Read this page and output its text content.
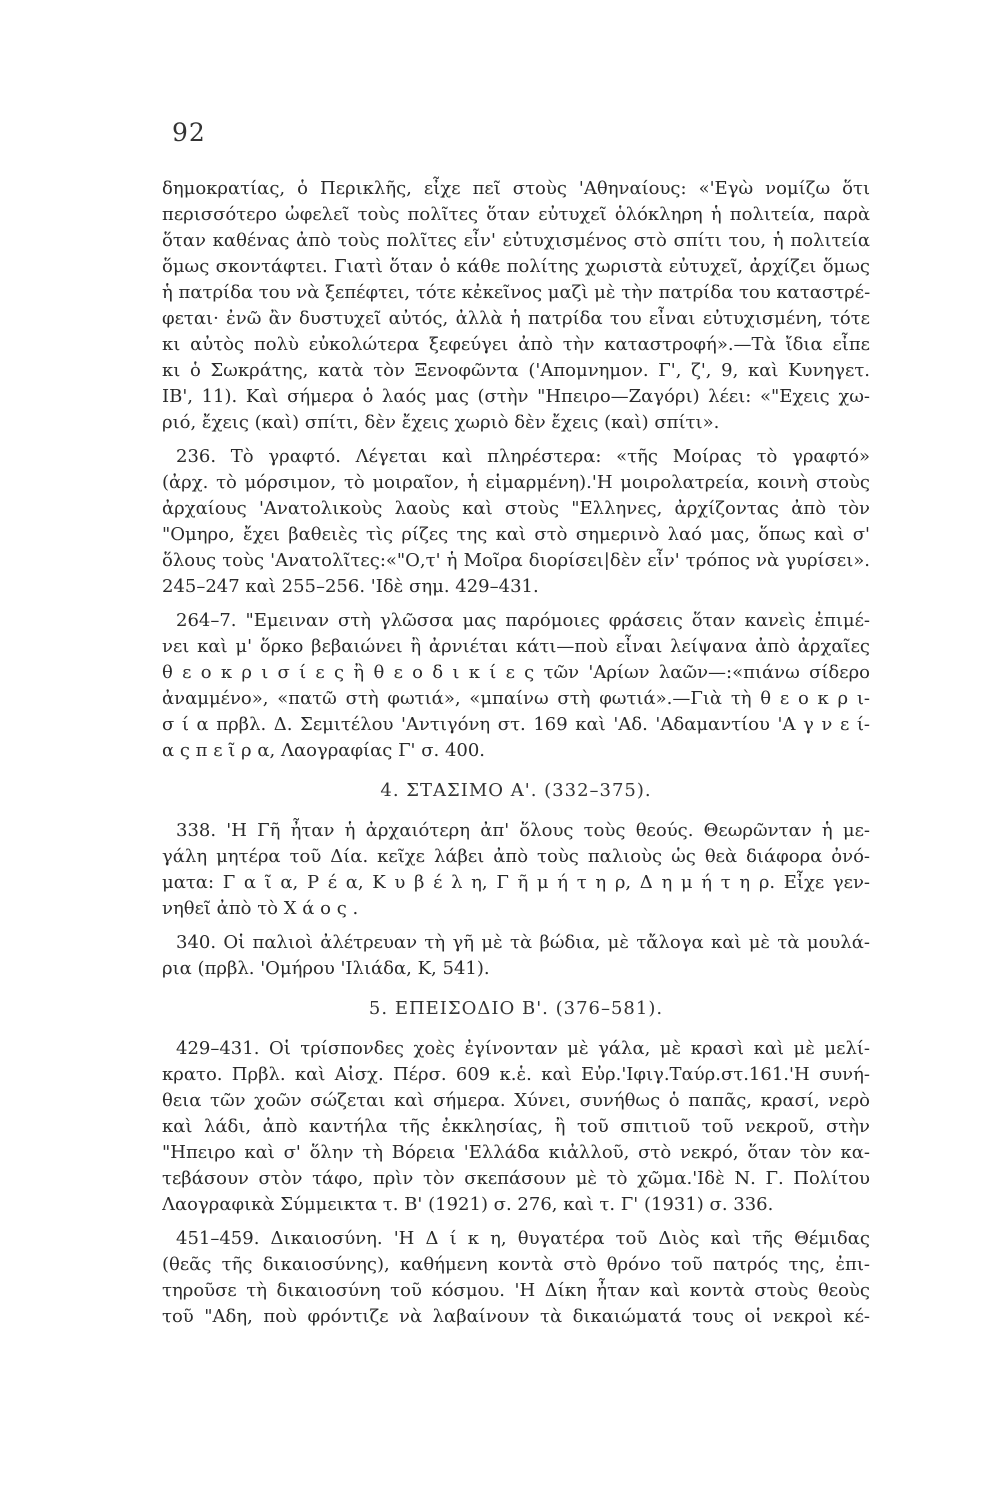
92
δημοκρατίας, ὁ Περικλῆς, εἶχε πεῖ στοὺς 'Αθηναίους: «'Εγὼ νομίζω ὅτι
περισσότερο ὠφελεῖ τοὺς πολῖτες ὅταν εὐτυχεῖ ὁλόκληρη ἡ πολιτεία, παρὰ
ὅταν καθένας ἀπὸ τοὺς πολῖτες εἶν' εὐτυχισμένος στὸ σπίτι του, ἡ πολιτεία
ὅμως σκοντάφτει. Γιατὶ ὅταν ὁ κάθε πολίτης χωριστὰ εὐτυχεῖ, ἀρχίζει ὅμως
ἡ πατρίδα του νὰ ξεπέφτει, τότε κἐκεῖνος μαζὶ μὲ τὴν πατρίδα του καταστρέ-
φεται· ἐνῶ ἂν δυστυχεῖ αὐτός, ἀλλὰ ἡ πατρίδα του εἶναι εὐτυχισμένη, τότε
κι αὐτὸς πολὺ εὐκολώτερα ξεφεύγει ἀπὸ τὴν καταστροφή».—Τὰ ἴδια εἶπε
κι ὁ Σωκράτης, κατὰ τὸν Ξενοφῶντα ('Απομνημον. Γ', ζ', 9, καὶ Κυνηγετ.
ΙΒ', 11). Καὶ σήμερα ὁ λαός μας (στὴν "Ηπειρο—Ζαγόρι) λέει: «"Εχεις χω-
ριό, ἔχεις (καὶ) σπίτι, δὲν ἔχεις χωριὸ δὲν ἔχεις (καὶ) σπίτι».
236. Τὸ γραφτό. Λέγεται καὶ πληρέστερα: «τῆς Μοίρας τὸ γραφτό»
(ἀρχ. τὸ μόρσιμον, τὸ μοιραῖον, ἡ εἱμαρμένη).'Η μοιρολατρεία, κοινὴ στοὺς
ἀρχαίους 'Ανατολικοὺς λαοὺς καὶ στοὺς "Ελληνες, ἀρχίζοντας ἀπὸ τὸν
"Ομηρο, ἔχει βαθειὲς τὶς ρίζες της καὶ στὸ σημερινὸ λαό μας, ὅπως καὶ σ'
ὅλους τοὺς 'Ανατολῖτες:«"Ο,τ' ἡ Μοῖρα διορίσει|δὲν εἶν' τρόπος νὰ γυρίσει».
245–247 καὶ 255–256. 'Ιδὲ σημ. 429–431.
264–7. "Εμειναν στὴ γλῶσσα μας παρόμοιες φράσεις ὅταν κανεὶς ἐπιμέ-
νει καὶ μ' ὅρκο βεβαιώνει ἢ ἀρνιέται κάτι—ποὺ εἶναι λείψανα ἀπὸ ἀρχαῖες
θ ε ο κ ρ ι σ ί ε ς ἢ θ ε ο δ ι κ ί ε ς τῶν 'Αρίων λαῶν—:«πιάνω σίδερο
ἀναμμένο», «πατῶ στὴ φωτιά», «μπαίνω στὴ φωτιά».—Γιὰ τὴ θ ε ο κ ρ ι-
σ ί α πρβλ. Δ. Σεμιτέλου 'Αντιγόνη στ. 169 καὶ 'Αδ. 'Αδαμαντίου 'Α γ ν ε ί-
α ς π ε ῖ ρ α, Λαογραφίας Γ' σ. 400.
4. ΣΤΑΣΙΜΟ Α'. (332–375).
338. 'Η Γῆ ἦταν ἡ ἀρχαιότερη ἀπ' ὅλους τοὺς θεούς. Θεωρῶνταν ἡ με-
γάλη μητέρα τοῦ Δία. κεῖχε λάβει ἀπὸ τοὺς παλιοὺς ὡς θεὰ διάφορα ὀνό-
ματα: Γ α ῖ α, Ρ έ α, Κ υ β έ λ η, Γ ῆ μ ή τ η ρ, Δ η μ ή τ η ρ. Εἶχε γεν-
νηθεῖ ἀπὸ τὸ Χ ά ο ς .
340. Οἱ παλιοὶ ἀλέτρευαν τὴ γῆ μὲ τὰ βώδια, μὲ τἄλογα καὶ μὲ τὰ μουλά-
ρια (πρβλ. 'Ομήρου 'Ιλιάδα, Κ, 541).
5. ΕΠΕΙΣΟΔΙΟ Β'. (376–581).
429–431. Οἱ τρίσπονδες χοὲς ἐγίνονταν μὲ γάλα, μὲ κρασὶ καὶ μὲ μελί-
κρατο. Πρβλ. καὶ Αἰσχ. Πέρσ. 609 κ.ἑ. καὶ Εὐρ.'Ιφιγ.Ταύρ.στ.161.'Η συνή-
θεια τῶν χοῶν σώζεται καὶ σήμερα. Χύνει, συνήθως ὁ παπᾶς, κρασί, νερὸ
καὶ λάδι, ἀπὸ καντήλα τῆς ἐκκλησίας, ἢ τοῦ σπιτιοῦ τοῦ νεκροῦ, στὴν
"Ηπειρο καὶ σ' ὅλην τὴ Βόρεια 'Ελλάδα κιἀλλοῦ, στὸ νεκρό, ὅταν τὸν κα-
τεβάσουν στὸν τάφο, πρὶν τὸν σκεπάσουν μὲ τὸ χῶμα.'Ιδὲ Ν. Γ. Πολίτου
Λαογραφικὰ Σύμμεικτα τ. Β' (1921) σ. 276, καὶ τ. Γ' (1931) σ. 336.
451–459. Δικαιοσύνη. 'Η Δ ί κ η, θυγατέρα τοῦ Διὸς καὶ τῆς Θέμιδας
(θεᾶς τῆς δικαιοσύνης), καθήμενη κοντὰ στὸ θρόνο τοῦ πατρός της, ἐπι-
τηροῦσε τὴ δικαιοσύνη τοῦ κόσμου. 'Η Δίκη ἦταν καὶ κοντὰ στοὺς θεοὺς
τοῦ "Αδη, ποὺ φρόντιζε νὰ λαβαίνουν τὰ δικαιώματά τους οἱ νεκροὶ κέ-
